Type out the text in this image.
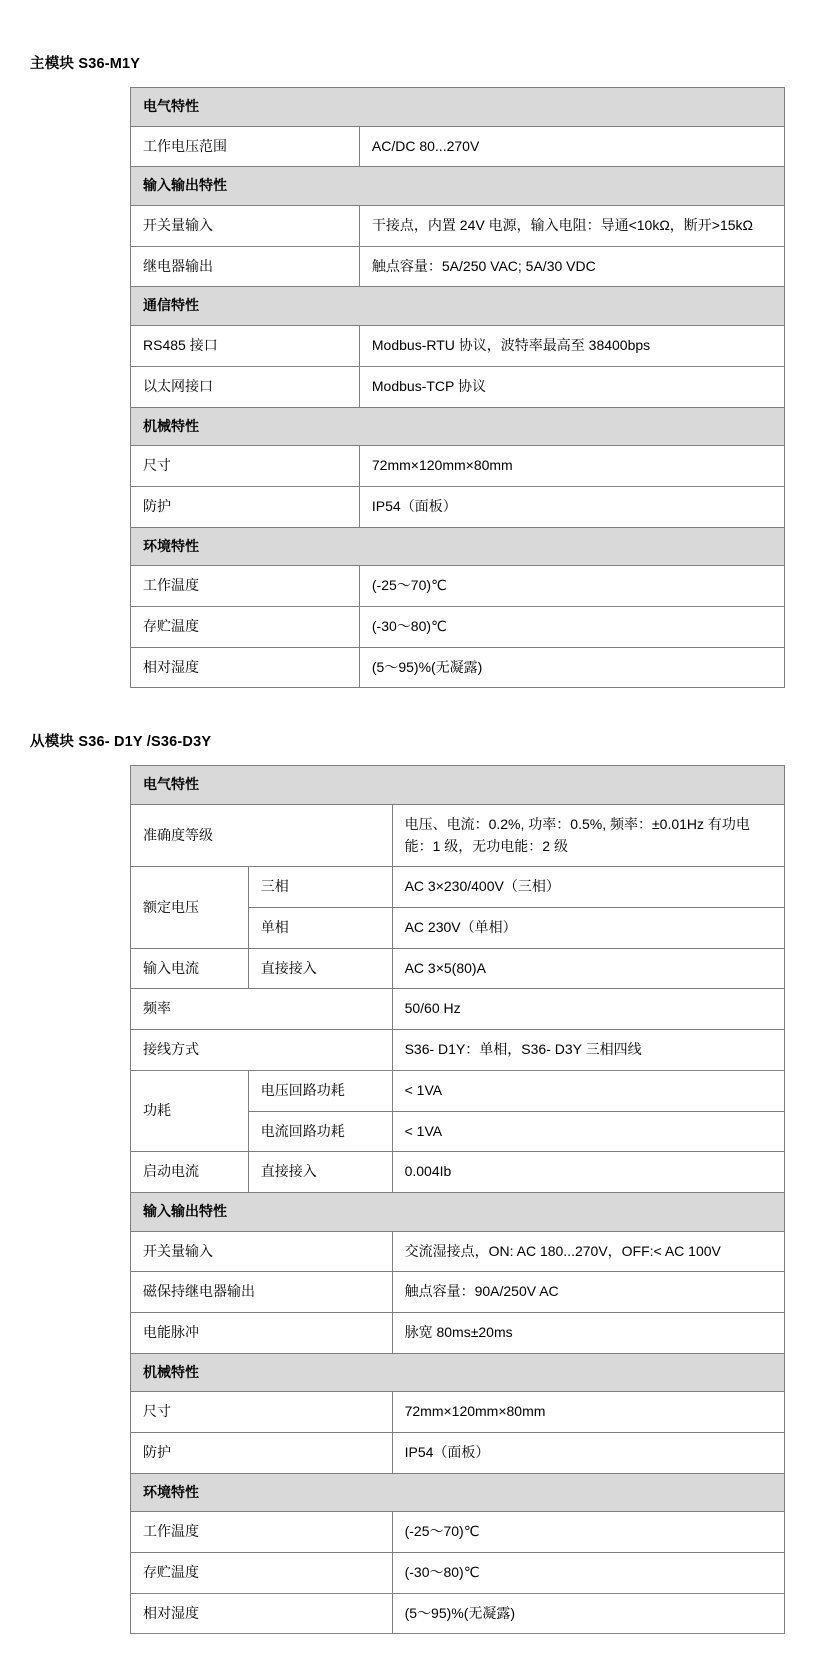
主模块 S36-M1Y
电气特性	
工作电压范围	AC/DC 80...270V
输入输出特性	
开关量输入	干接点，内置 24V 电源，输入电阻：导通<10kΩ，断开>15kΩ
继电器输出	触点容量：5A/250 VAC; 5A/30 VDC
通信特性	
RS485 接口	Modbus-RTU 协议，波特率最高至 38400bps
以太网接口	Modbus-TCP 协议
机械特性	
尺寸	72mm×120mm×80mm
防护	IP54（面板）
环境特性	
工作温度	(-25～70)℃
存贮温度	(-30～80)℃
相对湿度	(5～95)%(无凝露)
从模块 S36- D1Y /S36-D3Y
电气特性		
准确度等级		电压、电流：0.2%, 功率：0.5%, 频率：±0.01Hz 有功电能：1 级，无功电能：2 级
额定电压	三相	AC 3×230/400V（三相）
	单相	AC 230V（单相）
输入电流	直接接入	AC 3×5(80)A
频率		50/60 Hz
接线方式		S36- D1Y：单相，S36- D3Y 三相四线
功耗	电压回路功耗	< 1VA
	电流回路功耗	< 1VA
启动电流	直接接入	0.004Ib
输入输出特性		
开关量输入		交流湿接点，ON: AC 180...270V，OFF:< AC 100V
磁保持继电器输出		触点容量：90A/250V AC
电能脉冲		脉宽 80ms±20ms
机械特性		
尺寸		72mm×120mm×80mm
防护		IP54（面板）
环境特性		
工作温度		(-25～70)℃
存贮温度		(-30～80)℃
相对湿度		(5～95)%(无凝露)
